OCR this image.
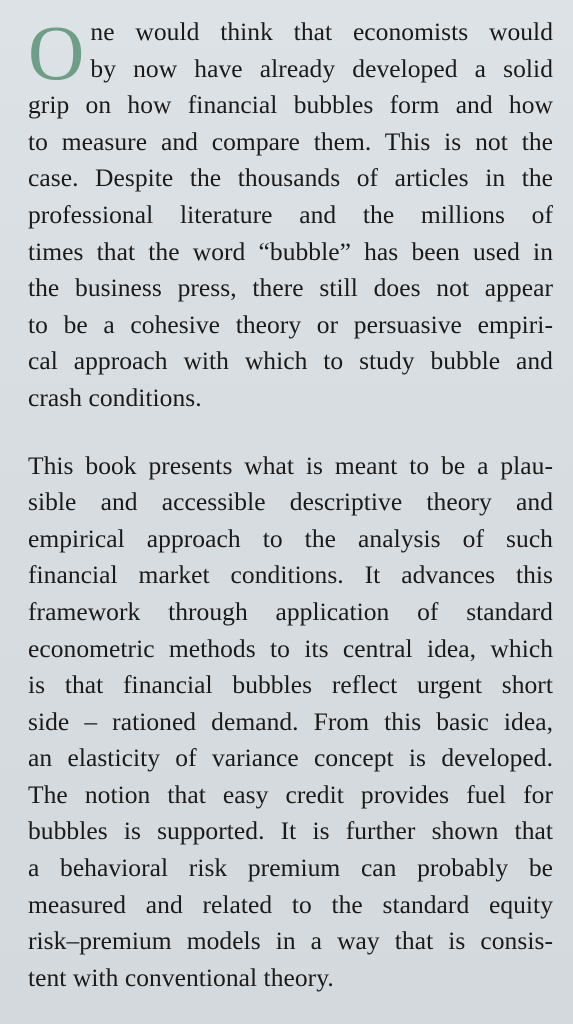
O ne would think that economists would
by now have already developed a solid
grip on how financial bubbles form and how
to measure and compare them. This is not the
case. Despite the thousands of articles in the
professional literature and the millions of
times that the word “bubble” has been used in
the business press, there still does not appear
to be a cohesive theory or persuasive empiri-
cal approach with which to study bubble and
crash conditions.
This book presents what is meant to be a plau-
sible and accessible descriptive theory and
empirical approach to the analysis of such
financial market conditions. It advances this
framework through application of standard
econometric methods to its central idea, which
is that financial bubbles reflect urgent short
side – rationed demand. From this basic idea,
an elasticity of variance concept is developed.
The notion that easy credit provides fuel for
bubbles is supported. It is further shown that
a behavioral risk premium can probably be
measured and related to the standard equity
risk–premium models in a way that is consis-
tent with conventional theory.
